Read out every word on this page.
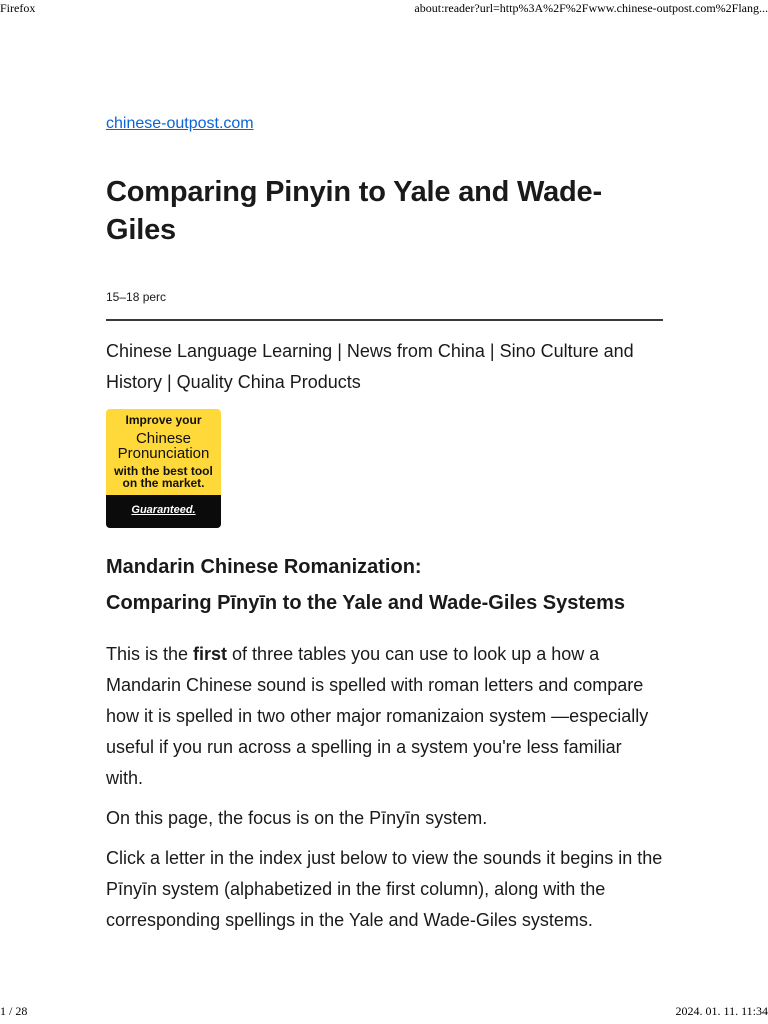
Firefox	about:reader?url=http%3A%2F%2Fwww.chinese-outpost.com%2Flang...
chinese-outpost.com
Comparing Pinyin to Yale and Wade-Giles
15–18 perc

Chinese Language Learning | News from China | Sino Culture and History | Quality China Products

Improve your
Chinese
Pronunciation
with the best tool
on the market.
Guaranteed.
Mandarin Chinese Romanization:
Comparing Pīnyīn to the Yale and Wade-Giles Systems

This is the first of three tables you can use to look up a how a Mandarin Chinese sound is spelled with roman letters and compare how it is spelled in two other major romanizaion system —especially useful if you run across a spelling in a system you're less familiar with.

On this page, the focus is on the Pīnyīn system.

Click a letter in the index just below to view the sounds it begins in the Pīnyīn system (alphabetized in the first column), along with the corresponding spellings in the Yale and Wade-Giles systems.

1 / 28	2024. 01. 11. 11:34
